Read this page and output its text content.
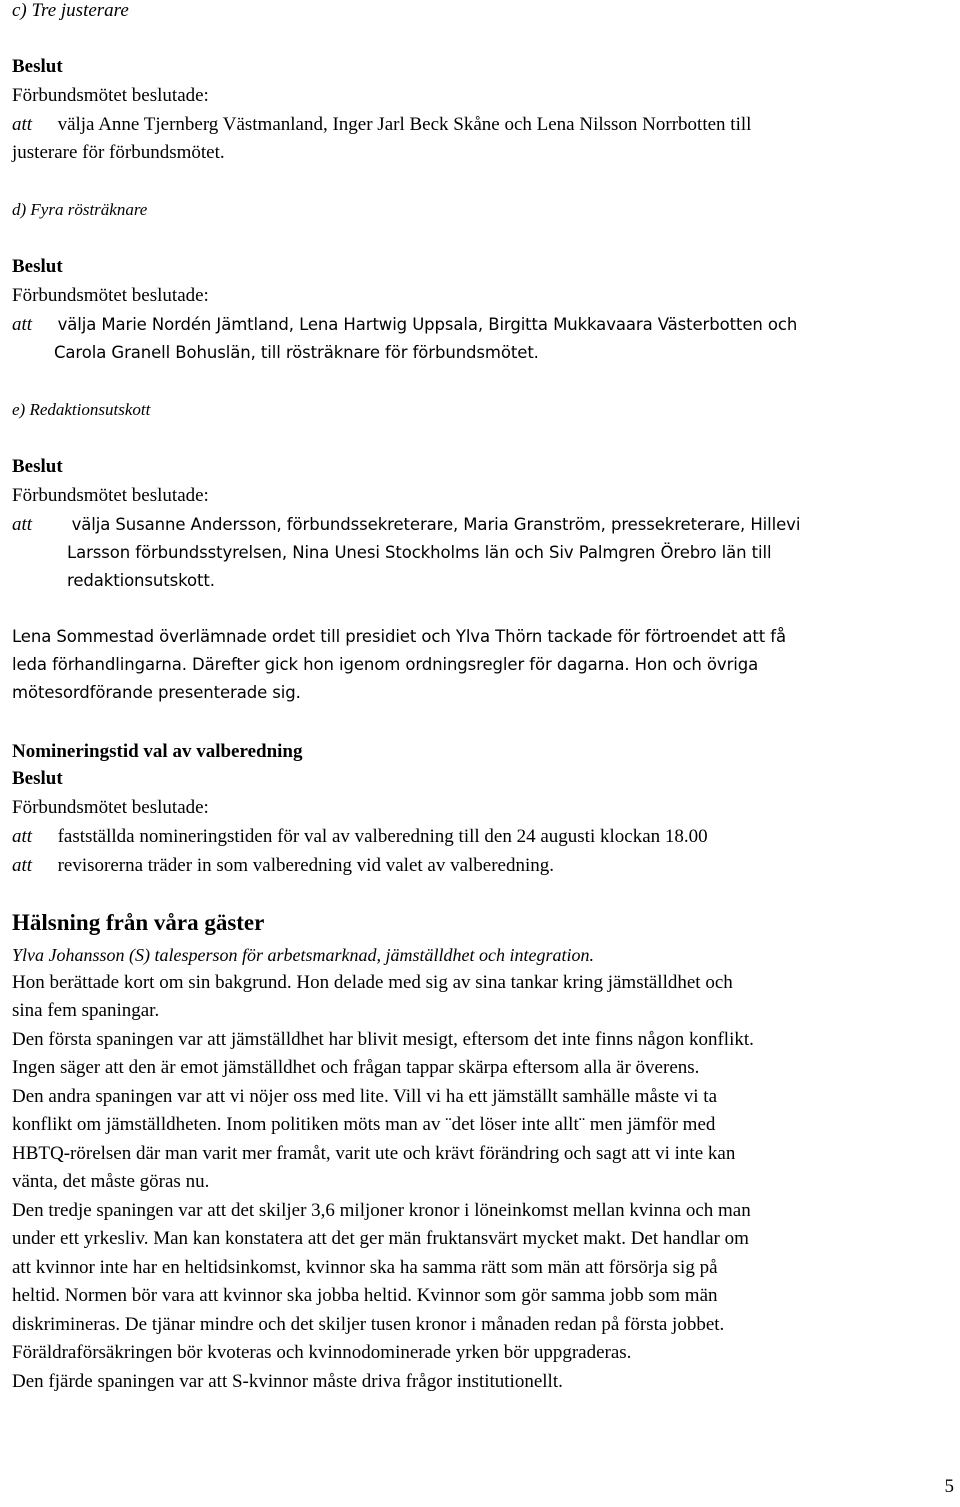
c) Tre justerare
Beslut
Förbundsmötet beslutade:
att välja Anne Tjernberg Västmanland, Inger Jarl Beck Skåne och Lena Nilsson Norrbotten till
justerare för förbundsmötet.
d) Fyra rösträknare
Beslut
Förbundsmötet beslutade:
att välja Marie Nordén Jämtland, Lena Hartwig Uppsala, Birgitta Mukkavaara Västerbotten och
Carola Granell Bohuslän, till rösträknare för förbundsmötet.
e) Redaktionsutskott
Beslut
Förbundsmötet beslutade:
att välja Susanne Andersson, förbundssekreterare, Maria Granström, pressekreterare, Hillevi
Larsson förbundsstyrelsen, Nina Unesi Stockholms län och Siv Palmgren Örebro län till
redaktionsutskott.
Lena Sommestad överlämnade ordet till presidiet och Ylva Thörn tackade för förtroendet att få
leda förhandlingarna. Därefter gick hon igenom ordningsregler för dagarna. Hon och övriga
mötesordförande presenterade sig.
Nomineringstid val av valberedning
Beslut
Förbundsmötet beslutade:
att fastställda nomineringstiden för val av valberedning till den 24 augusti klockan 18.00
att revisorerna träder in som valberedning vid valet av valberedning.
Hälsning från våra gäster
Ylva Johansson (S) talesperson för arbetsmarknad, jämställdhet och integration.
Hon berättade kort om sin bakgrund. Hon delade med sig av sina tankar kring jämställdhet och
sina fem spaningar.
Den första spaningen var att jämställdhet har blivit mesigt, eftersom det inte finns någon konflikt.
Ingen säger att den är emot jämställdhet och frågan tappar skärpa eftersom alla är överens.
Den andra spaningen var att vi nöjer oss med lite. Vill vi ha ett jämställt samhälle måste vi ta
konflikt om jämställdheten. Inom politiken möts man av ¨det löser inte allt¨ men jämför med
HBTQ-rörelsen där man varit mer framåt, varit ute och krävt förändring och sagt att vi inte kan
vänta, det måste göras nu.
Den tredje spaningen var att det skiljer 3,6 miljoner kronor i löneinkomst mellan kvinna och man
under ett yrkesliv. Man kan konstatera att det ger män fruktansvärt mycket makt. Det handlar om
att kvinnor inte har en heltidsinkomst, kvinnor ska ha samma rätt som män att försörja sig på
heltid. Normen bör vara att kvinnor ska jobba heltid. Kvinnor som gör samma jobb som män
diskrimineras. De tjänar mindre och det skiljer tusen kronor i månaden redan på första jobbet.
Föräldraförsäkringen bör kvoteras och kvinnodominerade yrken bör uppgraderas.
Den fjärde spaningen var att S-kvinnor måste driva frågor institutionellt.
5
